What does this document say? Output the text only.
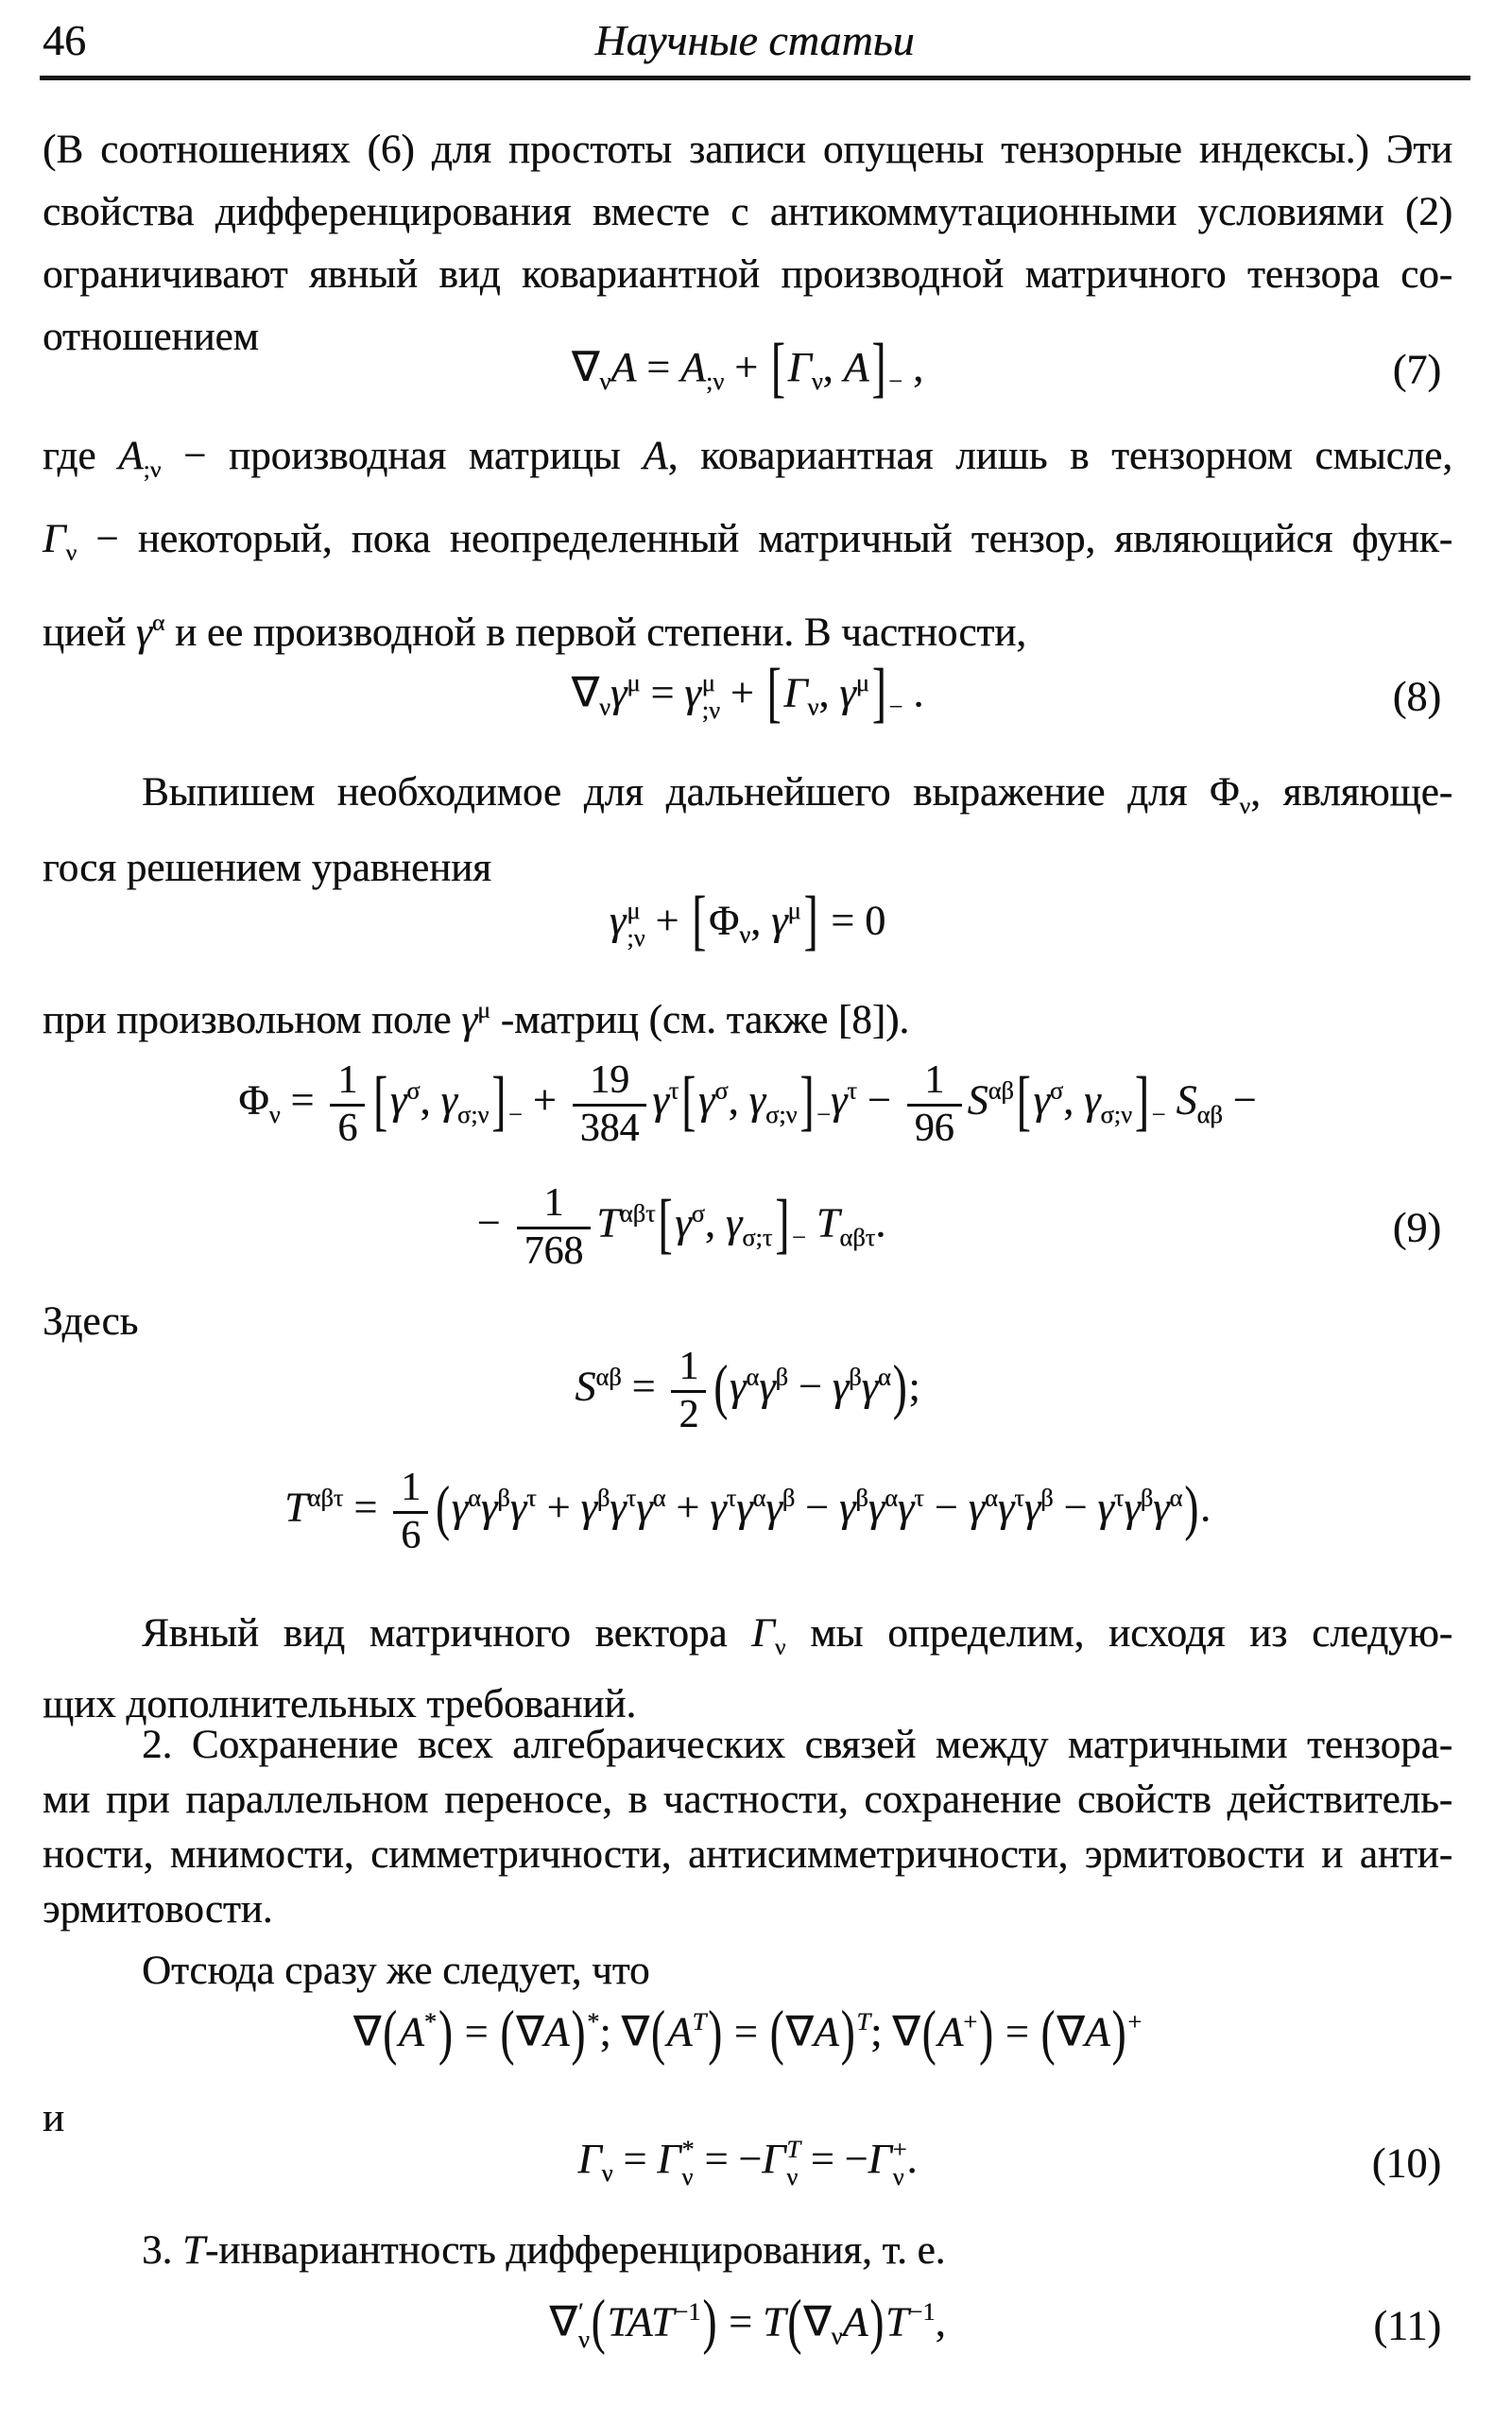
46	Научные статьи
(В соотношениях (6) для простоты записи опущены тензорные индексы.) Эти
свойства дифференцирования вместе с антикоммутационными условиями (2)
ограничивают явный вид ковариантной производной матричного тензора со-
отношением
$\nabla_\nu A = A_{;\nu} + [\Gamma_\nu$, A] $_-$ ,	(7)
где $A_{;\nu}$ − производная матрицы A, ковариантная лишь в тензорном смысле,
$\Gamma_\nu$ − некоторый, пока неопределенный матричный тензор, являющийся функ-
цией $\gamma^\alpha$ и ее производной в первой степени. В частности,
$\nabla_\nu\gamma^\mu = \gamma$ μ
;ν + [$\Gamma_\nu$, $\gamma^\mu$] $_-$ .	(8)
Выпишем необходимое для дальнейшего выражение для $\Phi_\nu$, являюще-
гося решением уравнения
γ μ
;ν + [$\Phi_\nu$, $\gamma^\mu] = 0$
при произвольном поле $\gamma^\mu$ -матриц (см. также [8]).
$\Phi_\nu = \frac{1}{6} [\gamma^\sigma$, $\gamma_{\sigma;\nu}$] $_- + \frac{19}{384} \gamma^\tau[\gamma^\sigma$, $\gamma_{\sigma;\nu}$] $_-\gamma^\tau - \frac{1}{96} S^{\alpha\beta}[\gamma^\sigma$, $\gamma_{\sigma;\nu}$] $_-$ $S_{\alpha\beta}$ −
− $\frac{1}{768} T^{\alpha\beta\tau}[\gamma^\sigma$, $\gamma_{\sigma;\tau}$] $_-$ $T_{\alpha\beta\tau}$.	(9)
Здесь
$S^{\alpha\beta} = \frac{1}{2} (\gamma^\alpha\gamma^\beta - \gamma^\beta\gamma^\alpha)$;
$T^{\alpha\beta\tau} = \frac{1}{6} (\gamma^\alpha\gamma^\beta\gamma^\tau + \gamma^\beta\gamma^\tau\gamma^\alpha + \gamma^\tau\gamma^\alpha\gamma^\beta - \gamma^\beta\gamma^\alpha\gamma^\tau - \gamma^\alpha\gamma^\tau\gamma^\beta - \gamma^\tau\gamma^\beta\gamma^\alpha)$.
Явный вид матричного вектора $\Gamma_\nu$ мы определим, исходя из следую-
щих дополнительных требований.
2. Сохранение всех алгебраических связей между матричными тензора-
ми при параллельном переносе, в частности, сохранение свойств действитель-
ности, мнимости, симметричности, антисимметричности, эрмитовости и анти-
эрмитовости.
Отсюда сразу же следует, что
∇(A*) = (∇A)*; $\nabla(A^T) = (\nabla A)^T$; ∇(A+) = (∇A)+
и
$\Gamma_\nu = \Gamma$ *
ν = −Γ T
ν = −Γ +
ν .	(10)
3. Т-инвариантность дифференцирования, т. е.
∇ ′
ν $(TAT^{-1}) = T(\nabla_\nu A)T^{-1}$,	(11)
